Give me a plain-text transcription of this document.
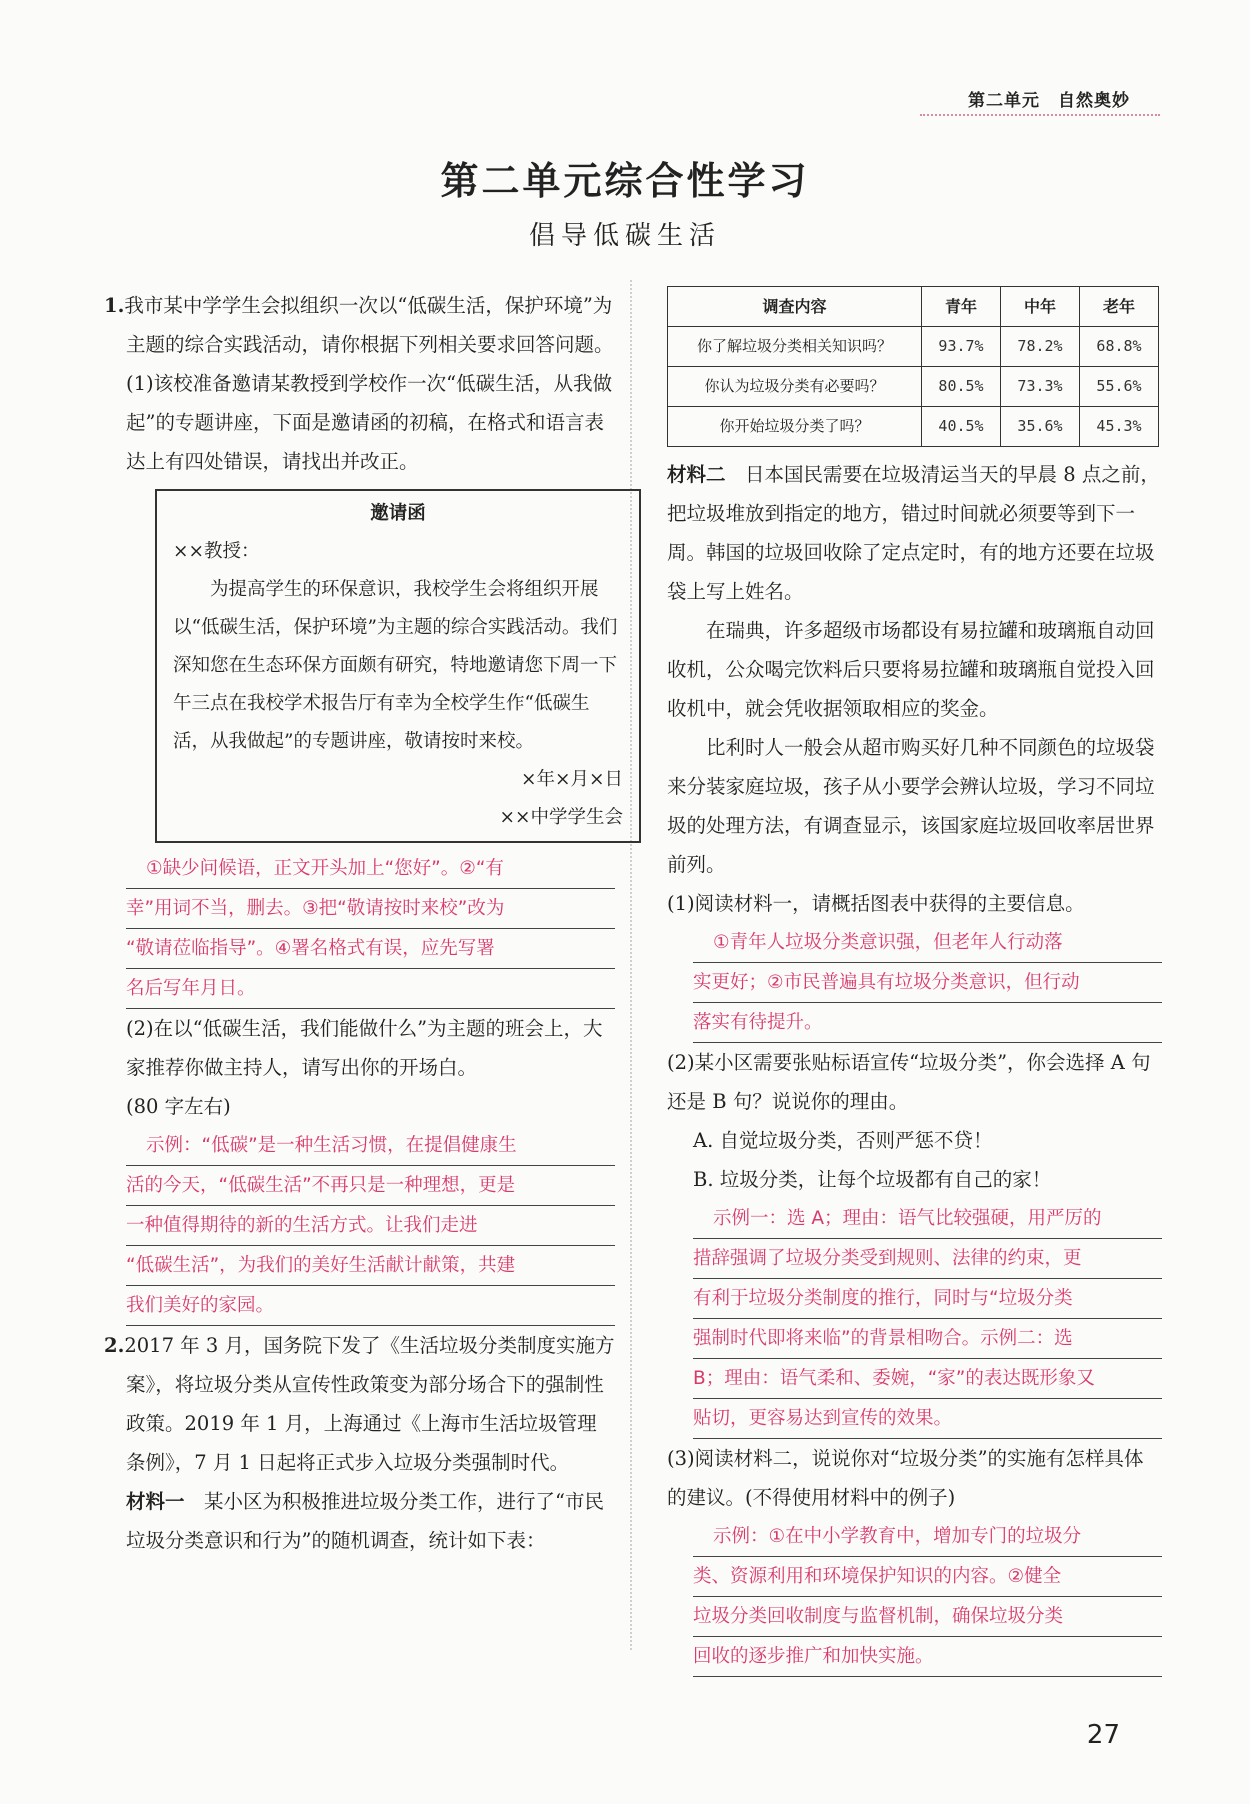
第二单元　自然奥妙
第二单元综合性学习
倡导低碳生活

1.我市某中学学生会拟组织一次以“低碳生活，保护环境”为主题的综合实践活动，请你根据下列相关要求回答问题。

(1)该校准备邀请某教授到学校作一次“低碳生活，从我做起”的专题讲座，下面是邀请函的初稿，在格式和语言表达上有四处错误，请找出并改正。

邀请函
××教授：
为提高学生的环保意识，我校学生会将组织开展以“低碳生活，保护环境”为主题的综合实践活动。我们深知您在生态环保方面颇有研究，特地邀请您下周一下午三点在我校学术报告厅有幸为全校学生作“低碳生活，从我做起”的专题讲座，敬请按时来校。
×年×月×日
××中学学生会
①缺少问候语，正文开头加上“您好”。②“有
幸”用词不当，删去。③把“敬请按时来校”改为
“敬请莅临指导”。④署名格式有误，应先写署
名后写年月日。

(2)在以“低碳生活，我们能做什么”为主题的班会上，大家推荐你做主持人，请写出你的开场白。

(80 字左右)

示例：“低碳”是一种生活习惯，在提倡健康生
活的今天，“低碳生活”不再只是一种理想，更是
一种值得期待的新的生活方式。让我们走进
“低碳生活”，为我们的美好生活献计献策，共建
我们美好的家园。

2.2017 年 3 月，国务院下发了《生活垃圾分类制度实施方案》，将垃圾分类从宣传性政策变为部分场合下的强制性政策。2019 年 1 月，上海通过《上海市生活垃圾管理条例》，7 月 1 日起将正式步入垃圾分类强制时代。

材料一　 某小区为积极推进垃圾分类工作，进行了“市民垃圾分类意识和行为”的随机调查，统计如下表：

调查内容	青年	中年	老年
你了解垃圾分类相关知识吗？	93.7%	78.2%	68.8%
你认为垃圾分类有必要吗？	80.5%	73.3%	55.6%
你开始垃圾分类了吗？	40.5%	35.6%	45.3%

材料二　 日本国民需要在垃圾清运当天的早晨 8 点之前，把垃圾堆放到指定的地方，错过时间就必须要等到下一周。韩国的垃圾回收除了定点定时，有的地方还要在垃圾袋上写上姓名。

在瑞典，许多超级市场都设有易拉罐和玻璃瓶自动回收机，公众喝完饮料后只要将易拉罐和玻璃瓶自觉投入回收机中，就会凭收据领取相应的奖金。

比利时人一般会从超市购买好几种不同颜色的垃圾袋来分装家庭垃圾，孩子从小要学会辨认垃圾，学习不同垃圾的处理方法，有调查显示，该国家庭垃圾回收率居世界前列。

(1)阅读材料一，请概括图表中获得的主要信息。

①青年人垃圾分类意识强，但老年人行动落
实更好；②市民普遍具有垃圾分类意识，但行动
落实有待提升。

(2)某小区需要张贴标语宣传“垃圾分类”，你会选择 A 句还是 B 句？说说你的理由。

A. 自觉垃圾分类，否则严惩不贷！

B. 垃圾分类，让每个垃圾都有自己的家！

示例一：选 A；理由：语气比较强硬，用严厉的
措辞强调了垃圾分类受到规则、法律的约束，更
有利于垃圾分类制度的推行，同时与“垃圾分类
强制时代即将来临”的背景相吻合。示例二：选
B；理由：语气柔和、委婉，“家”的表达既形象又
贴切，更容易达到宣传的效果。

(3)阅读材料二，说说你对“垃圾分类”的实施有怎样具体的建议。(不得使用材料中的例子)

示例：①在中小学教育中，增加专门的垃圾分
类、资源利用和环境保护知识的内容。②健全
垃圾分类回收制度与监督机制，确保垃圾分类
回收的逐步推广和加快实施。
27
